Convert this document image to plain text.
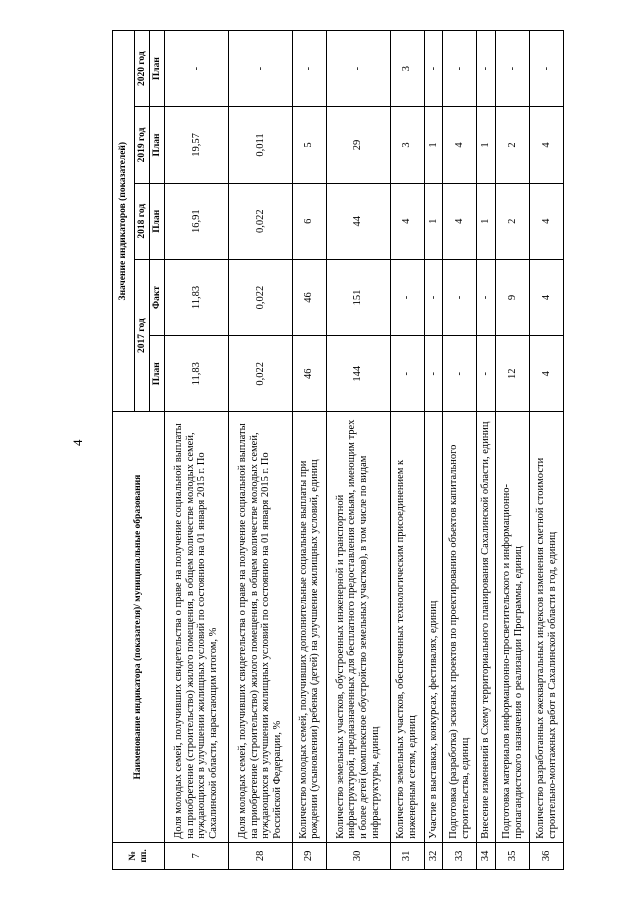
4
№ пп.	Наименование индикатора (показателя)/ муниципальные образования	Значение индикаторов (показателей)				
		2017 год		2018 год	2019 год	2020 год
		План	Факт	План	План	План
7	Доля молодых семей, получивших свидетельства о праве на получение социальной выплаты на приобретение (строительство) жилого помещения, в общем количестве молодых семей, нуждающихся в улучшении жилищных условий по состоянию на 01 января 2015 г. По Сахалинской области, нарастающим итогом, %	11,83	11,83	16,91	19,57	-
28	Доля молодых семей, получивших свидетельства о праве на получение социальной выплаты на приобретение (строительство) жилого помещения, в общем количестве молодых семей, нуждающихся в улучшении жилищных условий по состоянию на 01 января 2015 г. По Российской Федерации, %	0,022	0,022	0,022	0,011	-
29	Количество молодых семей, получивших дополнительные социальные выплаты при рождении (усыновлении) ребенка (детей) на улучшение жилищных условий, единиц	46	46	6	5	-
30	Количество земельных участков, обустроенных инженерной и транспортной инфраструктурой, предназначенных для бесплатного предоставления семьям, имеющим трех и более детей (комплексное обустройство земельных участков), в том числе по видам инфраструктуры, единиц	144	151	44	29	-
31	Количество земельных участков, обеспеченных технологическим присоединением к инженерным сетям, единиц	-	-	4	3	3
32	Участие в выставках, конкурсах, фестивалях, единиц	-	-	1	1	-
33	Подготовка (разработка) эскизных проектов по проектированию объектов капитального строительства, единиц	-	-	4	4	-
34	Внесение изменений в Схему территориального планирования Сахалинской области, единиц	-	-	1	1	-
35	Подготовка материалов информационно-просветительского и информационно-пропагандистского назначения о реализации Программы, единиц	12	9	2	2	-
36	Количество разработанных ежеквартальных индексов изменения сметной стоимости строительно-монтажных работ в Сахалинской области в год, единиц	4	4	4	4	-
